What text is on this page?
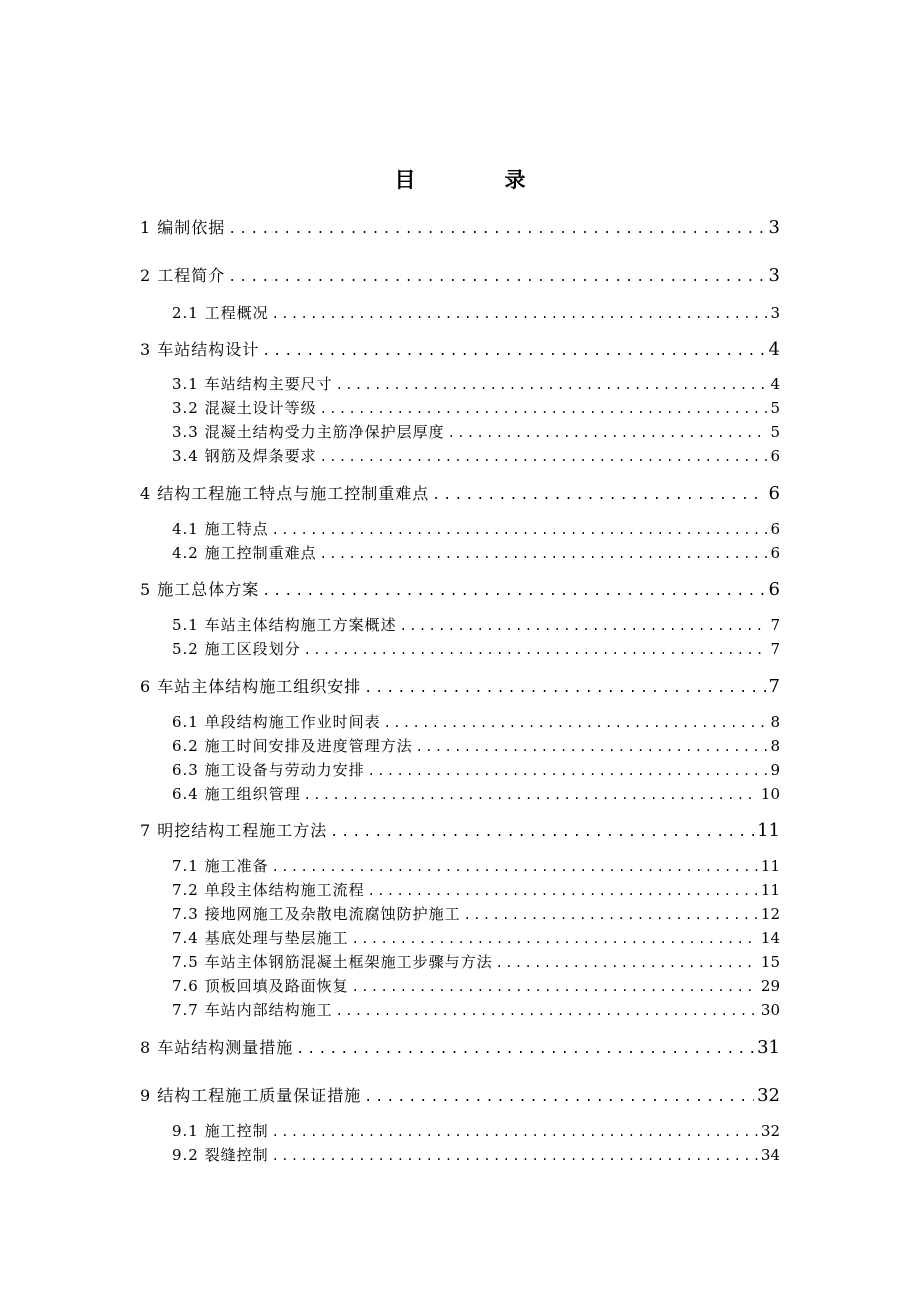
目　录
1 编制依据 .....	3
2 工程简介 .....	3
2.1 工程概况 .....	3
3 车站结构设计 .....	4
3.1 车站结构主要尺寸 .....	4
3.2 混凝土设计等级 .....	5
3.3 混凝土结构受力主筋净保护层厚度 .....	5
3.4 钢筋及焊条要求 .....	6
4 结构工程施工特点与施工控制重难点 .....	6
4.1 施工特点 .....	6
4.2 施工控制重难点 .....	6
5 施工总体方案 .....	6
5.1 车站主体结构施工方案概述 .....	7
5.2 施工区段划分 .....	7
6 车站主体结构施工组织安排 .....	7
6.1 单段结构施工作业时间表 .....	8
6.2 施工时间安排及进度管理方法 .....	8
6.3 施工设备与劳动力安排 .....	9
6.4 施工组织管理 .....	10
7 明挖结构工程施工方法 .....	11
7.1 施工准备 .....	11
7.2 单段主体结构施工流程 .....	11
7.3 接地网施工及杂散电流腐蚀防护施工 .....	12
7.4 基底处理与垫层施工 .....	14
7.5 车站主体钢筋混凝土框架施工步骤与方法 .....	15
7.6 顶板回填及路面恢复 .....	29
7.7 车站内部结构施工 .....	30
8 车站结构测量措施 .....	31
9 结构工程施工质量保证措施 .....	32
9.1 施工控制 .....	32
9.2 裂缝控制 .....	34
